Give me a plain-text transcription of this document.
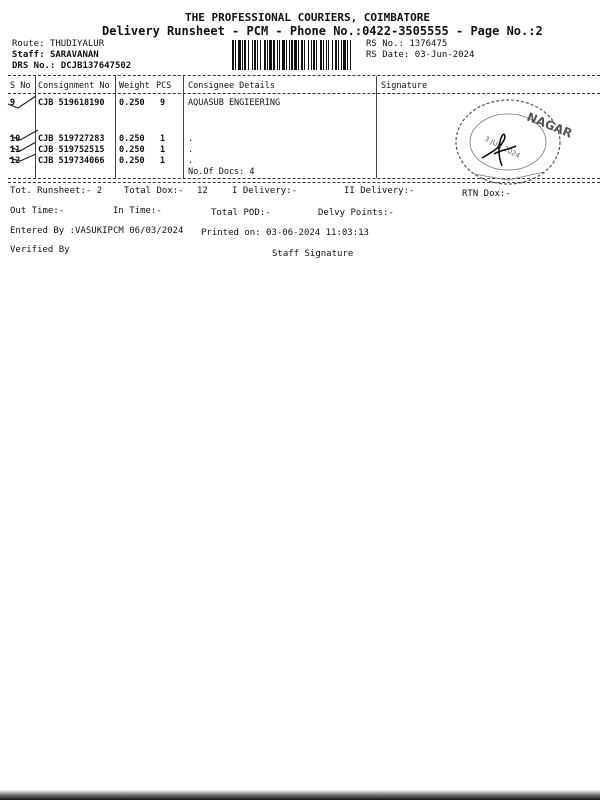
THE PROFESSIONAL COURIERS, COIMBATORE
Delivery Runsheet - PCM - Phone No.:0422-3505555 - Page No.:2
Route: THUDIYALUR
Staff: SARAVANAN
DRS No.: DCJB137647502
RS No.: 1376475
RS Date: 03-Jun-2024
S No Consignment No Weight PCS Consignee Details	Signature
9	CJB 519618190 0.250 9	AQUASUB ENGIEERING
10 CJB 519727283 0.250 1	.
11 CJB 519752515 0.250 1	.
12 CJB 519734066 0.250 1	.
No.Of Docs: 4
NAGAR
3 JUN 2024
Tot. Runsheet:- 2 Total Dox:- 12	I Delivery:-	II Delivery:-	RTN Dox:-
Out Time:-	In Time:-	Total POD:-	Delvy Points:-
Entered By :VASUKIPCM 06/03/2024 Printed on: 03-06-2024 11:03:13
Verified By	Staff Signature
